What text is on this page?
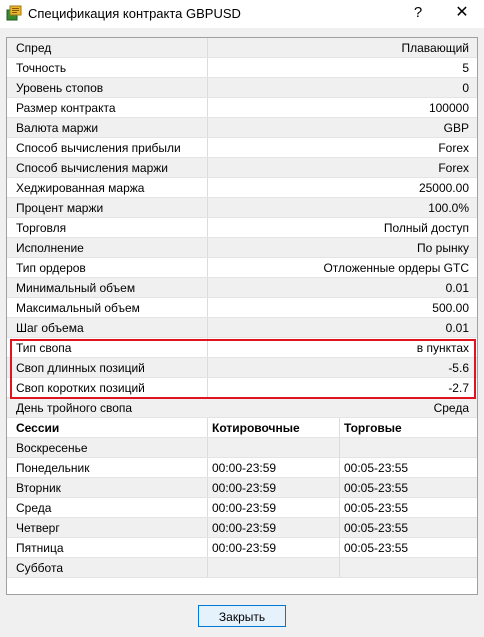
Спецификация контракта GBPUSD	?	✕
Спред	Плавающий
Точность	5
Уровень стопов	0
Размер контракта	100000
Валюта маржи	GBP
Способ вычисления прибыли	Forex
Способ вычисления маржи	Forex
Хеджированная маржа	25000.00
Процент маржи	100.0%
Торговля	Полный доступ
Исполнение	По рынку
Тип ордеров	Отложенные ордеры GTC
Минимальный объем	0.01
Максимальный объем	500.00
Шаг объема	0.01
Тип свопа	в пунктах
Своп длинных позиций	-5.6
Своп коротких позиций	-2.7
День тройного свопа	Среда
Сессии	Котировочные	Торговые
Воскресенье
Понедельник	00:00-23:59	00:05-23:55
Вторник	00:00-23:59	00:05-23:55
Среда	00:00-23:59	00:05-23:55
Четверг	00:00-23:59	00:05-23:55
Пятница	00:00-23:59	00:05-23:55
Суббота
Закрыть
